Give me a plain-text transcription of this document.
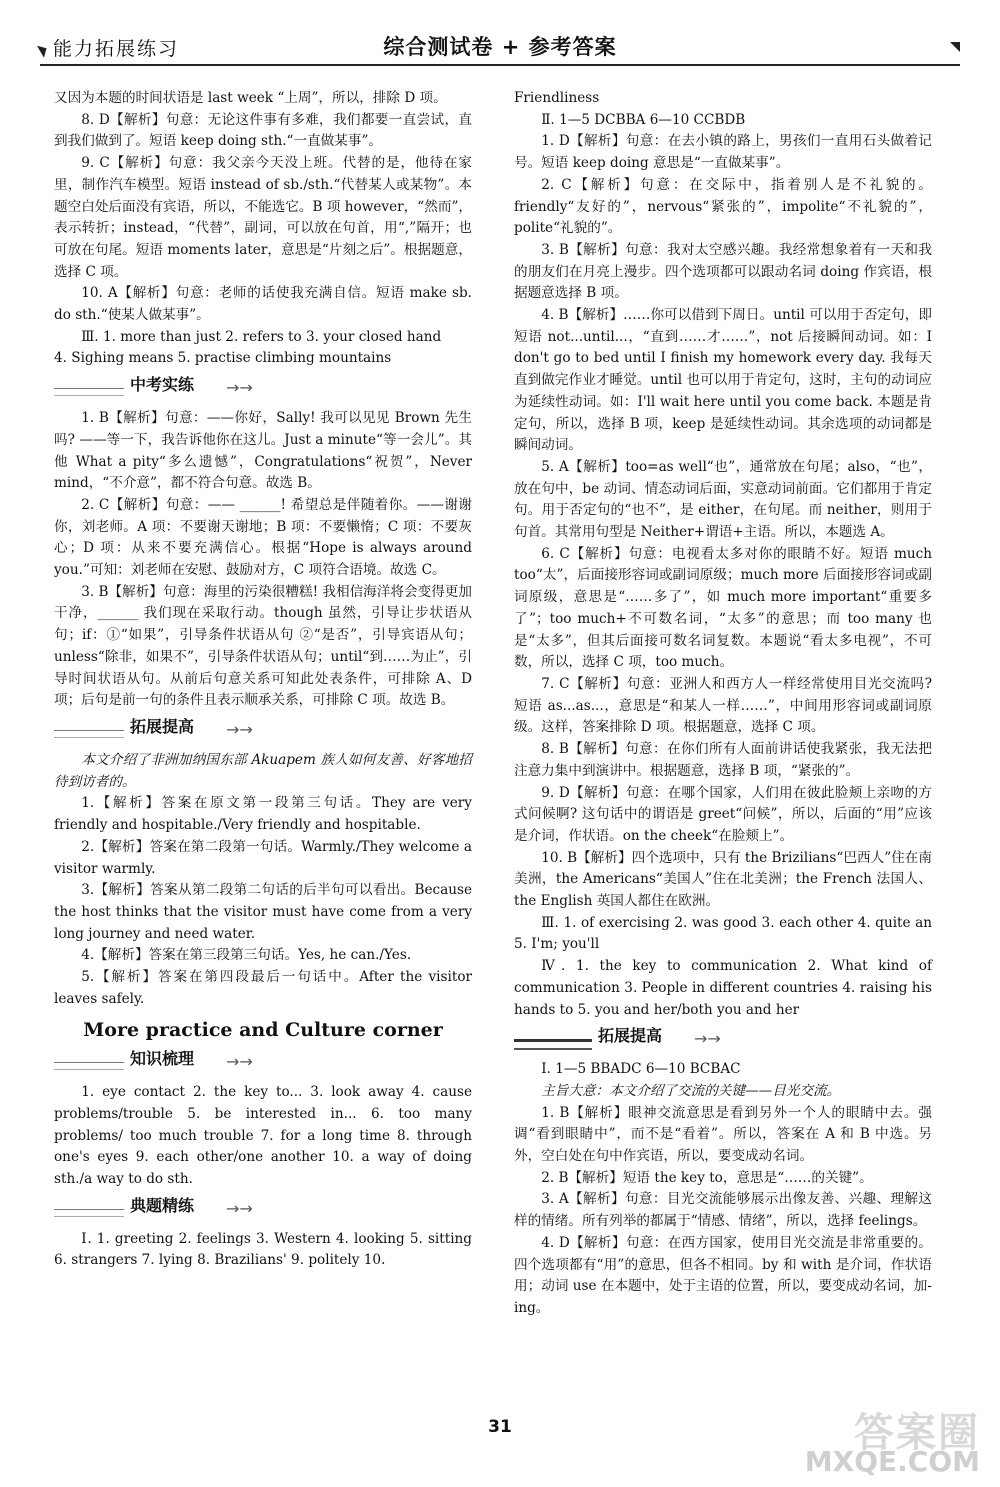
能力拓展练习	综合测试卷 + 参考答案

又因为本题的时间状语是 last week “上周”，所以，排除 D 项。

8. D【解析】句意：无论这件事有多难，我们都要一直尝试，直到我们做到了。短语 keep doing sth.“一直做某事”。

9. C【解析】句意：我父亲今天没上班。代替的是，他待在家里，制作汽车模型。短语 instead of sb./sth.“代替某人或某物”。本题空白处后面没有宾语，所以，不能选它。B 项 however，“然而”，表示转折；instead，“代替”，副词，可以放在句首，用“,”隔开；也可放在句尾。短语 moments later，意思是“片刻之后”。根据题意，选择 C 项。

10. A【解析】句意：老师的话使我充满自信。短语 make sb. do sth.“使某人做某事”。

Ⅲ. 1. more than just 2. refers to 3. your closed hand

4. Sighing means 5. practise climbing mountains

中考实练 →→

1. B【解析】句意：——你好，Sally! 我可以见见 Brown 先生吗? ——等一下，我告诉他你在这儿。Just a minute“等一会儿”。其他 What a pity“多么遗憾”，Congratulations“祝贺”，Never mind，“不介意”，都不符合句意。故选 B。

2. C【解析】句意：—— ______! 希望总是伴随着你。——谢谢你，刘老师。A 项：不要谢天谢地；B 项：不要懒惰；C 项：不要灰心；D 项：从来不要充满信心。根据“Hope is always around you.”可知：刘老师在安慰、鼓励对方，C 项符合语境。故选 C。

3. B【解析】句意：海里的污染很糟糕! 我相信海洋将会变得更加干净，______ 我们现在采取行动。though 虽然，引导让步状语从句；if：①“如果”，引导条件状语从句 ②“是否”，引导宾语从句；unless“除非，如果不”，引导条件状语从句；until“到……为止”，引导时间状语从句。从前后句意关系可知此处表条件，可排除 A、D 项；后句是前一句的条件且表示顺承关系，可排除 C 项。故选 B。

拓展提高 →→

本文介绍了非洲加纳国东部 Akuapem 族人如何友善、好客地招待到访者的。

1.【解析】答案在原文第一段第三句话。They are very friendly and hospitable./Very friendly and hospitable.

2.【解析】答案在第二段第一句话。Warmly./They welcome a visitor warmly.

3.【解析】答案从第二段第二句话的后半句可以看出。Because the host thinks that the visitor must have come from a very long journey and need water.

4.【解析】答案在第三段第三句话。Yes, he can./Yes.

5.【解析】答案在第四段最后一句话中。After the visitor leaves safely.

More practice and Culture corner
知识梳理 →→

1. eye contact 2. the key to... 3. look away 4. cause problems/trouble 5. be interested in... 6. too many problems/ too much trouble 7. for a long time 8. through one's eyes 9. each other/one another 10. a way of doing sth./a way to do sth.

典题精练 →→

Ⅰ. 1. greeting 2. feelings 3. Western 4. looking 5. sitting 6. strangers 7. lying 8. Brazilians' 9. politely 10.

Friendliness

Ⅱ. 1—5 DCBBA 6—10 CCBDB

1. D【解析】句意：在去小镇的路上，男孩们一直用石头做着记号。短语 keep doing 意思是“一直做某事”。

2. C【解析】句意：在交际中，指着别人是不礼貌的。friendly“友好的”，nervous“紧张的”，impolite“不礼貌的”，polite“礼貌的”。

3. B【解析】句意：我对太空感兴趣。我经常想象着有一天和我的朋友们在月亮上漫步。四个选项都可以跟动名词 doing 作宾语，根据题意选择 B 项。

4. B【解析】……你可以借到下周日。until 可以用于否定句，即短语 not...until...，“直到……才……”，not 后接瞬间动词。如：I don't go to bed until I finish my homework every day. 我每天直到做完作业才睡觉。until 也可以用于肯定句，这时，主句的动词应为延续性动词。如：I'll wait here until you come back. 本题是肯定句，所以，选择 B 项，keep 是延续性动词。其余选项的动词都是瞬间动词。

5. A【解析】too=as well“也”，通常放在句尾；also，“也”，放在句中，be 动词、情态动词后面，实意动词前面。它们都用于肯定句。用于否定句的“也不”，是 either，在句尾。而 neither，则用于句首。其常用句型是 Neither+谓语+主语。所以，本题选 A。

6. C【解析】句意：电视看太多对你的眼睛不好。短语 much too“太”，后面接形容词或副词原级；much more 后面接形容词或副词原级，意思是“……多了”，如 much more important“重要多了”；too much+不可数名词，“太多”的意思；而 too many 也是“太多”，但其后面接可数名词复数。本题说“看太多电视”，不可数，所以，选择 C 项，too much。

7. C【解析】句意：亚洲人和西方人一样经常使用目光交流吗? 短语 as...as...，意思是“和某人一样……”，中间用形容词或副词原级。这样，答案排除 D 项。根据题意，选择 C 项。

8. B【解析】句意：在你们所有人面前讲话使我紧张，我无法把注意力集中到演讲中。根据题意，选择 B 项，“紧张的”。

9. D【解析】句意：在哪个国家，人们用在彼此脸颊上亲吻的方式问候啊? 这句话中的谓语是 greet“问候”，所以，后面的“用”应该是介词，作状语。on the cheek“在脸颊上”。

10. B【解析】四个选项中，只有 the Brizilians“巴西人”住在南美洲，the Americans“美国人”住在北美洲；the French 法国人、the English 英国人都住在欧洲。

Ⅲ. 1. of exercising 2. was good 3. each other 4. quite an 5. I'm; you'll

Ⅳ. 1. the key to communication 2. What kind of communication 3. People in different countries 4. raising his hands to 5. you and her/both you and her

拓展提高 →→

Ⅰ. 1—5 BBADC 6—10 BCBAC

主旨大意：本文介绍了交流的关键——目光交流。

1. B【解析】眼神交流意思是看到另外一个人的眼睛中去。强调“看到眼睛中”，而不是“看着”。所以，答案在 A 和 B 中选。另外，空白处在句中作宾语，所以，要变成动名词。

2. B【解析】短语 the key to，意思是“……的关键”。

3. A【解析】句意：目光交流能够展示出像友善、兴趣、理解这样的情绪。所有列举的都属于“情感、情绪”，所以，选择 feelings。

4. D【解析】句意：在西方国家，使用目光交流是非常重要的。四个选项都有“用”的意思，但各不相同。by 和 with 是介词，作状语用；动词 use 在本题中，处于主语的位置，所以，要变成动名词，加-ing。

31	答案圈
MXQE.COM
